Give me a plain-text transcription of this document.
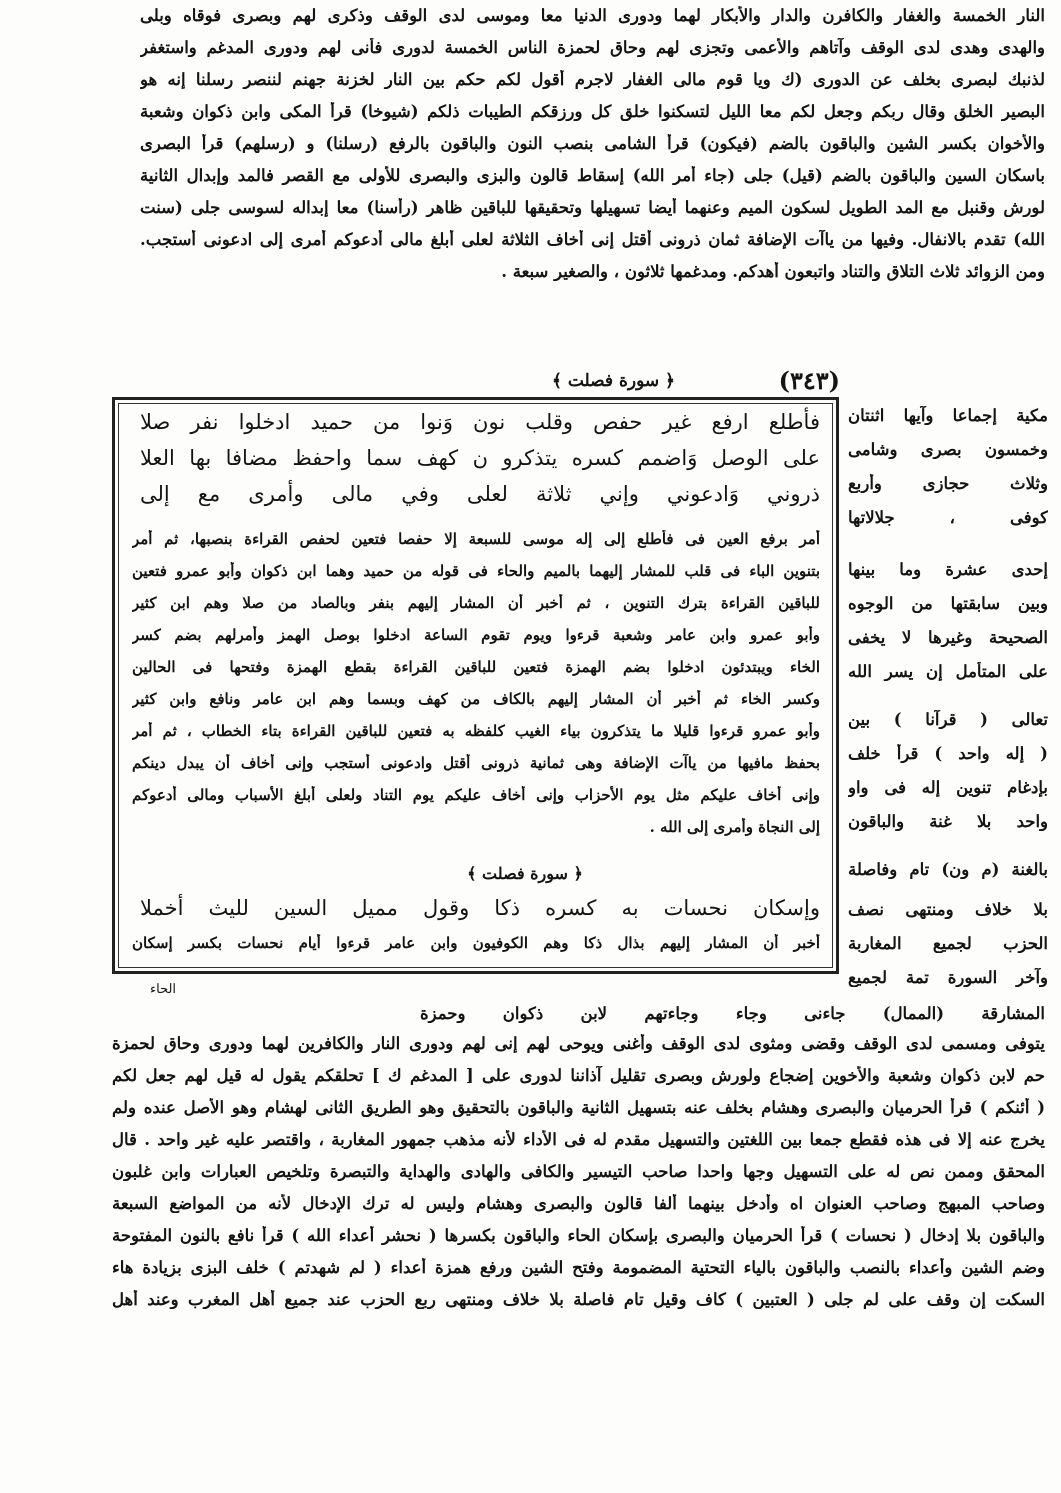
النار الخمسة والغفار والكافرن والدار والأبكار لهما ودورى الدنيا معا وموسى لدى الوقف وذكرى لهم وبصرى فوقاه وبلى
والهدى وهدى لدى الوقف وآتاهم والأعمى وتجزى لهم وحاق لحمزة الناس الخمسة لدورى فأنى لهم ودورى المدغم واستغفر
لذنبك لبصرى بخلف عن الدورى (ك ويا قوم مالى الغفار لاجرم أقول لكم حكم بين النار لخزنة جهنم لننصر رسلنا إنه هو
البصير الخلق وقال ربكم وجعل لكم معا الليل لتسكنوا خلق كل ورزقكم الطيبات ذلكم (شيوخا) قرأ المكى وابن ذكوان وشعبة
والأخوان بكسر الشين والباقون بالضم (فيكون) قرأ الشامى بنصب النون والباقون بالرفع (رسلنا) و (رسلهم) قرأ البصرى
باسكان السين والباقون بالضم (قيل) جلى (جاء أمر الله) إسقاط قالون والبزى والبصرى للأولى مع القصر فالمد وإبدال الثانية
لورش وقنبل مع المد الطويل لسكون الميم وعنهما أيضا تسهيلها وتحقيقها للباقين ظاهر (رأسنا) معا إبداله لسوسى جلى (سنت
الله) تقدم بالانفال. وفيها من ياآت الإضافة ثمان ذرونى أقتل إنى أخاف الثلاثة لعلى أبلغ مالى أدعوكم أمرى إلى ادعونى أستجب.
ومن الزوائد ثلاث التلاق والتناد واتبعون أهدكم. ومدغمها ثلاثون ، والصغير سبعة .
(٣٤٣)
﴿ سورة فصلت ﴾
فأطلع ارفع غير حفص وقلب نون وَنوا من حميد ادخلوا نفر صلا
على الوصل وَاضمم كسره يتذكرو ن كهف سما واحفظ مضافا بها العلا
ذروني وَادعوني وإني ثلاثة لعلى وفي مالى وأمرى مع إلى
أمر برفع العين فى فأطلع إلى إله موسى للسبعة إلا حفصا فتعين لحفص القراءة بنصبها، ثم أمر
بتنوين الباء فى قلب للمشار إليهما بالميم والحاء فى قوله من حميد وهما ابن ذكوان وأبو عمرو فتعين
للباقين القراءة بترك التنوين ، ثم أخبر أن المشار إليهم بنفر وبالصاد من صلا وهم ابن كثير
وأبو عمرو وابن عامر وشعبة قرءوا ويوم تقوم الساعة ادخلوا بوصل الهمز وأمرلهم بضم كسر
الخاء ويبتدئون ادخلوا بضم الهمزة فتعين للباقين القراءة بقطع الهمزة وفتحها فى الحالين
وكسر الخاء ثم أخبر أن المشار إليهم بالكاف من كهف وبسما وهم ابن عامر ونافع وابن كثير
وأبو عمرو قرءوا قليلا ما يتذكرون بياء الغيب كلفظه به فتعين للباقين القراءة بتاء الخطاب ، ثم أمر
بحفظ مافيها من ياآت الإضافة وهى ثمانية ذرونى أقتل وادعونى أستجب وإنى أخاف أن يبدل دينكم
وإنى أخاف عليكم مثل يوم الأحزاب وإنى أخاف عليكم يوم التناد ولعلى أبلغ الأسباب ومالى أدعوكم
إلى النجاة وأمرى إلى الله .
﴿ سورة فصلت ﴾
وإسكان نحسات به كسره ذكا وقول مميل السين لليث أخملا
أخبر أن المشار إليهم بذال ذكا وهم الكوفيون وابن عامر قرءوا أيام نحسات بكسر إسكان
الحاء
مكية إجماعا وآيها اثنتان
وخمسون بصرى وشامى
وثلاث حجازى وأربع
كوفى ، جلالاتها
إحدى عشرة وما بينها
وبين سابقتها من الوجوه
الصحيحة وغيرها لا يخفى
على المتأمل إن يسر الله
تعالى ( قرآنا ) بين
( إله واحد ) قرأ خلف
بإدغام تنوين إله فى واو
واحد بلا غنة والباقون
بالغنة (م ون) تام وفاصلة
بلا خلاف ومنتهى نصف
الحزب لجميع المغاربة
وآخر السورة تمة لجميع
المشارقة (الممال) جاءنى وجاء وجاءتهم لابن ذكوان وحمزة
يتوفى ومسمى لدى الوقف وقضى ومثوى لدى الوقف وأغنى ويوحى لهم إنى لهم ودورى النار والكافرين لهما ودورى وحاق لحمزة
حم لابن ذكوان وشعبة والأخوين إضجاع ولورش وبصرى تقليل آذاننا لدورى على [ المدغم ك ] تحلقكم يقول له قيل لهم جعل لكم
( أئنكم ) قرأ الحرميان والبصرى وهشام بخلف عنه بتسهيل الثانية والباقون بالتحقيق وهو الطريق الثانى لهشام وهو الأصل عنده ولم
يخرج عنه إلا فى هذه فقطع جمعا بين اللغتين والتسهيل مقدم له فى الأداء لأنه مذهب جمهور المغاربة ، واقتصر عليه غير واحد . قال
المحقق وممن نص له على التسهيل وجها واحدا صاحب التيسير والكافى والهادى والهداية والتبصرة وتلخيص العبارات وابن غلبون
وصاحب المبهج وصاحب العنوان اه وأدخل بينهما ألفا قالون والبصرى وهشام وليس له ترك الإدخال لأنه من المواضع السبعة
والباقون بلا إدخال ( نحسات ) قرأ الحرميان والبصرى بإسكان الحاء والباقون بكسرها ( نحشر أعداء الله ) قرأ نافع بالنون المفتوحة
وضم الشين وأعداء بالنصب والباقون بالياء التحتية المضمومة وفتح الشين ورفع همزة أعداء ( لم شهدتم ) خلف البزى بزيادة هاء
السكت إن وقف على لم جلى ( العتبين ) كاف وقيل تام فاصلة بلا خلاف ومنتهى ربع الحزب عند جميع أهل المغرب وعند أهل
